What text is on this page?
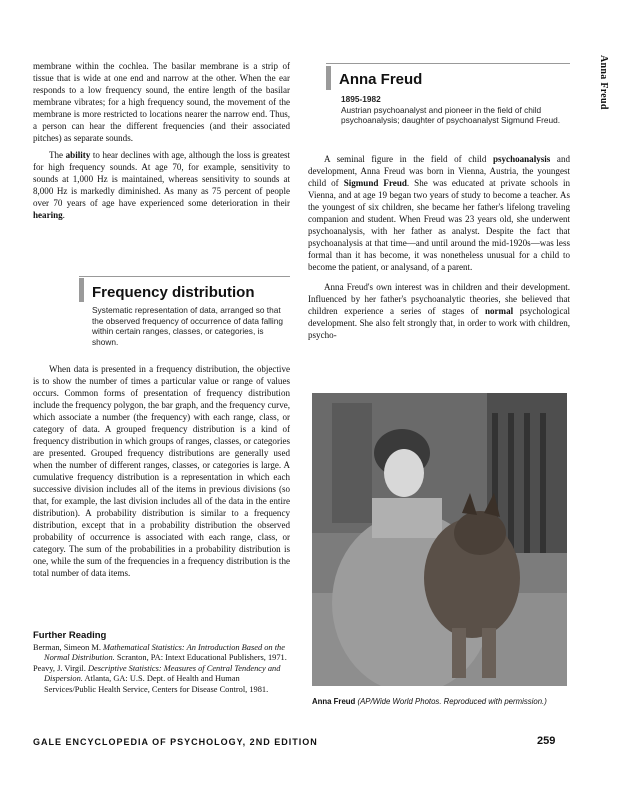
Anna Freud

membrane within the cochlea. The basilar membrane is a strip of tissue that is wide at one end and narrow at the other. When the ear responds to a low frequency sound, the entire length of the basilar membrane vibrates; for a high frequency sound, the movement of the membrane is more restricted to locations nearer the narrow end. Thus, a person can hear the different frequencies (and their associated pitches) as separate sounds.

The ability to hear declines with age, although the loss is greatest for high frequency sounds. At age 70, for example, sensitivity to sounds at 1,000 Hz is maintained, whereas sensitivity to sounds at 8,000 Hz is markedly diminished. As many as 75 percent of people over 70 years of age have experienced some deterioration in their hearing.

Frequency distribution
Systematic representation of data, arranged so that the observed frequency of occurrence of data falling within certain ranges, classes, or categories, is shown.

When data is presented in a frequency distribution, the objective is to show the number of times a particular value or range of values occurs. Common forms of presentation of frequency distribution include the frequency polygon, the bar graph, and the frequency curve, which associate a number (the frequency) with each range, class, or category of data. A grouped frequency distribution is a kind of frequency distribution in which groups of ranges, classes, or categories are presented. Grouped frequency distributions are generally used when the number of different ranges, classes, or categories is large. A cumulative frequency distribution is a representation in which each successive division includes all of the items in previous divisions (so that, for example, the last division includes all of the data in the entire distribution). A probability distribution is similar to a frequency distribution, except that in a probability distribution the observed probability of occurrence is associated with each range, class, or category. The sum of the probabilities in a probability distribution is one, while the sum of the frequencies in a frequency distribution is the total number of data items.

Further Reading

Berman, Simeon M. Mathematical Statistics: An Introduction Based on the Normal Distribution. Scranton, PA: Intext Educational Publishers, 1971.

Peavy, J. Virgil. Descriptive Statistics: Measures of Central Tendency and Dispersion. Atlanta, GA: U.S. Dept. of Health and Human Services/Public Health Service, Centers for Disease Control, 1981.

Anna Freud
1895-1982
Austrian psychoanalyst and pioneer in the field of child psychoanalysis; daughter of psychoanalyst Sigmund Freud.

A seminal figure in the field of child psychoanalysis and development, Anna Freud was born in Vienna, Austria, the youngest child of Sigmund Freud. She was educated at private schools in Vienna, and at age 19 began two years of study to become a teacher. As the youngest of six children, she became her father's lifelong traveling companion and student. When Freud was 23 years old, she underwent psychoanalysis, with her father as analyst. Despite the fact that psychoanalysis at that time—and until around the mid-1920s—was less formal than it has become, it was nonetheless unusual for a child to become the patient, or analysand, of a parent.

Anna Freud's own interest was in children and their development. Influenced by her father's psychoanalytic theories, she believed that children experience a series of stages of normal psychological development. She also felt strongly that, in order to work with children, psycho-

Anna Freud (AP/Wide World Photos. Reproduced with permission.)
GALE ENCYCLOPEDIA OF PSYCHOLOGY, 2ND EDITION	259
